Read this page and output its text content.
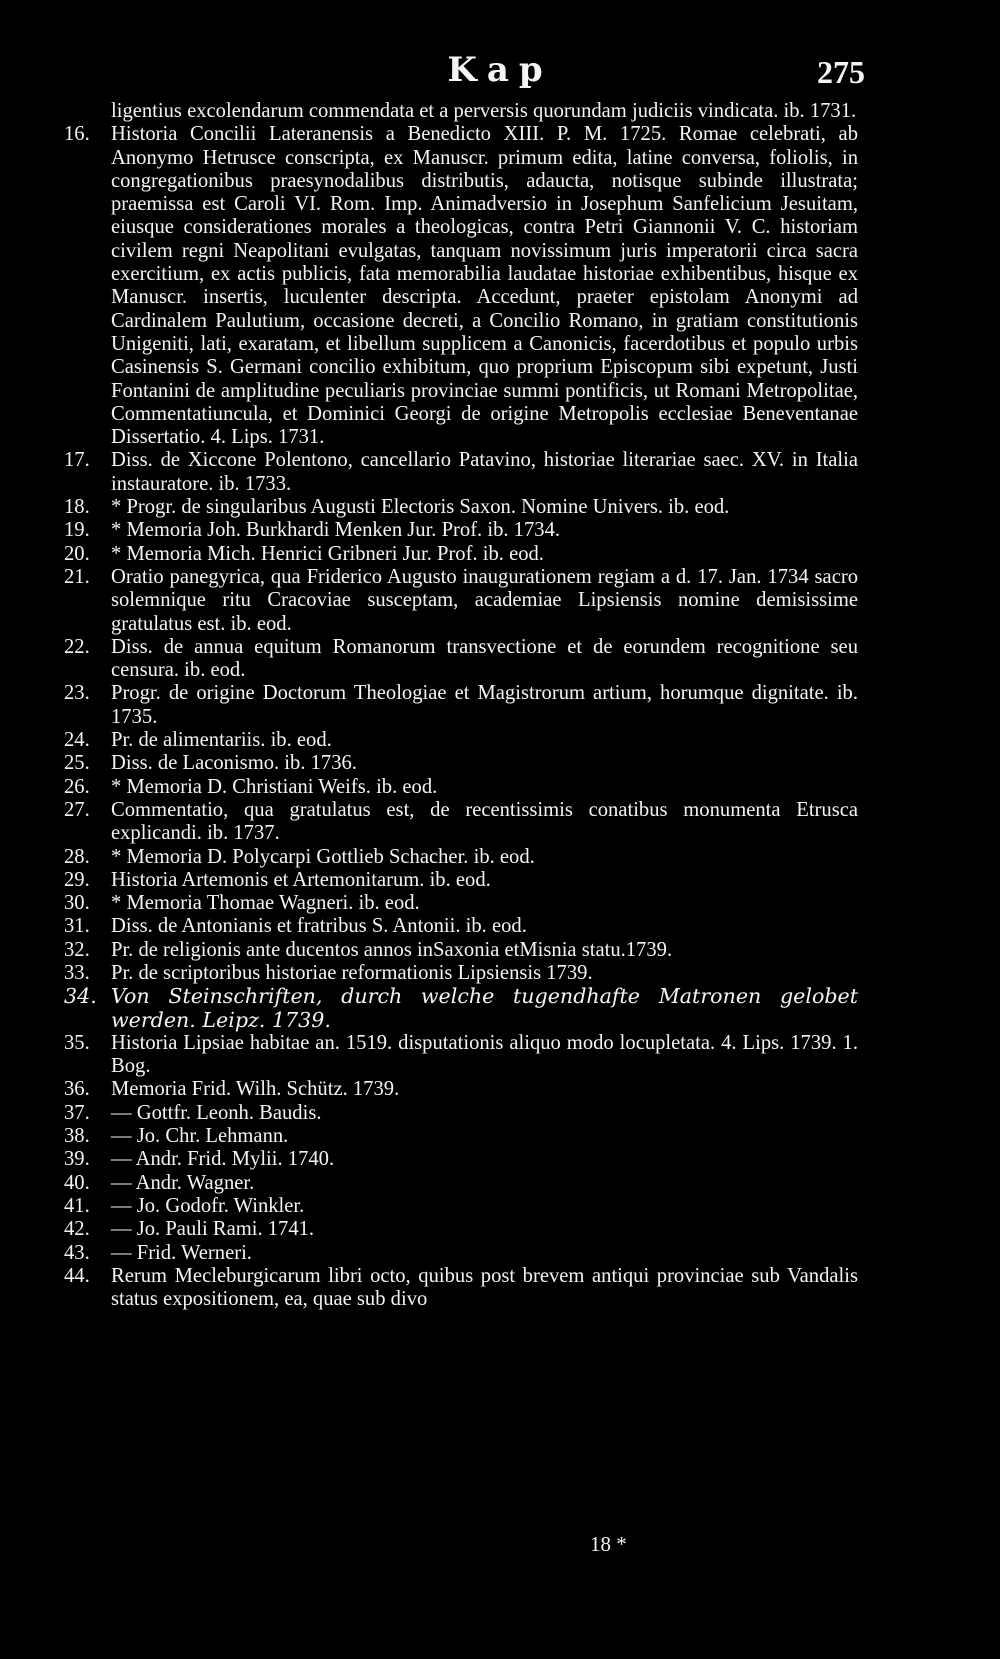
Kap	275
ligentius excolendarum commendata et a perversis quorundam judiciis vindicata. ib. 1731.
16.	Historia Concilii Lateranensis a Benedicto XIII. P. M. 1725. Romae celebrati, ab Anonymo Hetrusce conscripta, ex Manuscr. primum edita, latine conversa, foliolis, in congregationibus praesynodalibus distributis, adaucta, notisque subinde illustrata; praemissa est Caroli VI. Rom. Imp. Animadversio in Josephum Sanfelicium Jesuitam, eiusque considerationes morales a theologicas, contra Petri Giannonii V. C. historiam civilem regni Neapolitani evulgatas, tanquam novissimum juris imperatorii circa sacra exercitium, ex actis publicis, fata memorabilia laudatae historiae exhibentibus, hisque ex Manuscr. insertis, luculenter descripta. Accedunt, praeter epistolam Anonymi ad Cardinalem Paulutium, occasione decreti, a Concilio Romano, in gratiam constitutionis Unigeniti, lati, exaratam, et libellum supplicem a Canonicis, facerdotibus et populo urbis Casinensis S. Germani concilio exhibitum, quo proprium Episcopum sibi expetunt, Justi Fontanini de amplitudine peculiaris provinciae summi pontificis, ut Romani Metropolitae, Commentatiuncula, et Dominici Georgi de origine Metropolis ecclesiae Beneventanae Dissertatio. 4. Lips. 1731.
17.	Diss. de Xiccone Polentono, cancellario Patavino, historiae literariae saec. XV. in Italia instauratore. ib. 1733.
18.	* Progr. de singularibus Augusti Electoris Saxon. Nomine Univers. ib. eod.
19.	* Memoria Joh. Burkhardi Menken Jur. Prof. ib. 1734.
20.	* Memoria Mich. Henrici Gribneri Jur. Prof. ib. eod.
21.	Oratio panegyrica, qua Friderico Augusto inaugurationem regiam a d. 17. Jan. 1734 sacro solemnique ritu Cracoviae susceptam, academiae Lipsiensis nomine demisissime gratulatus est. ib. eod.
22.	Diss. de annua equitum Romanorum transvectione et de eorundem recognitione seu censura. ib. eod.
23.	Progr. de origine Doctorum Theologiae et Magistrorum artium, horumque dignitate. ib. 1735.
24.	Pr. de alimentariis. ib. eod.
25.	Diss. de Laconismo. ib. 1736.
26.	* Memoria D. Christiani Weifs. ib. eod.
27.	Commentatio, qua gratulatus est, de recentissimis conatibus monumenta Etrusca explicandi. ib. 1737.
28.	* Memoria D. Polycarpi Gottlieb Schacher. ib. eod.
29.	Historia Artemonis et Artemonitarum. ib. eod.
30.	* Memoria Thomae Wagneri. ib. eod.
31.	Diss. de Antonianis et fratribus S. Antonii. ib. eod.
32.	Pr. de religionis ante ducentos annos inSaxonia etMisnia statu.1739.
33.	Pr. de scriptoribus historiae reformationis Lipsiensis 1739.
34. Von Steinschriften, durch welche tugendhafte Matronen gelobet werden. Leipz. 1739.
35.	Historia Lipsiae habitae an. 1519. disputationis aliquo modo locupletata. 4. Lips. 1739. 1. Bog.
36.	Memoria Frid. Wilh. Schütz. 1739.
37.	— Gottfr. Leonh. Baudis.
38.	— Jo. Chr. Lehmann.
39.	— Andr. Frid. Mylii. 1740.
40.	— Andr. Wagner.
41.	— Jo. Godofr. Winkler.
42.	— Jo. Pauli Rami. 1741.
43.	— Frid. Werneri.
44.	Rerum Mecleburgicarum libri octo, quibus post brevem antiqui provinciae sub Vandalis status expositionem, ea, quae sub divo
18 *
